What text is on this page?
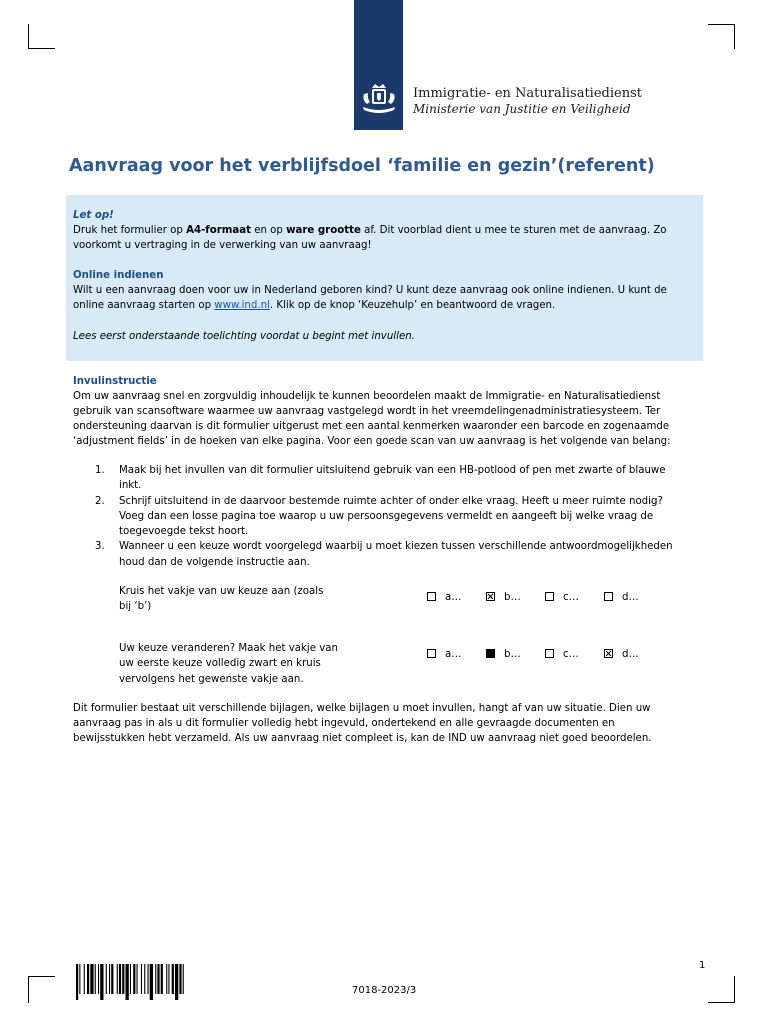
Immigratie- en Naturalisatiedienst
Ministerie van Justitie en Veiligheid
Aanvraag voor het verblijfsdoel ‘familie en gezin’(referent)
Let op!
Druk het formulier op A4-formaat en op ware grootte af. Dit voorblad dient u mee te sturen met de aanvraag. Zo
voorkomt u vertraging in de verwerking van uw aanvraag!
Online indienen
Wilt u een aanvraag doen voor uw in Nederland geboren kind? U kunt deze aanvraag ook online indienen. U kunt de
online aanvraag starten op www.ind.nl. Klik op de knop ‘Keuzehulp’ en beantwoord de vragen.
Lees eerst onderstaande toelichting voordat u begint met invullen.
Invulinstructie
Om uw aanvraag snel en zorgvuldig inhoudelijk te kunnen beoordelen maakt de Immigratie- en Naturalisatiedienst
gebruik van scansoftware waarmee uw aanvraag vastgelegd wordt in het vreemdelingenadministratiesysteem. Ter
ondersteuning daarvan is dit formulier uitgerust met een aantal kenmerken waaronder een barcode en zogenaamde
‘adjustment fields’ in de hoeken van elke pagina. Voor een goede scan van uw aanvraag is het volgende van belang:
1. Maak bij het invullen van dit formulier uitsluitend gebruik van een HB-potlood of pen met zwarte of blauwe
inkt.
2. Schrijf uitsluitend in de daarvoor bestemde ruimte achter of onder elke vraag. Heeft u meer ruimte nodig?
Voeg dan een losse pagina toe waarop u uw persoonsgegevens vermeldt en aangeeft bij welke vraag de
toegevoegde tekst hoort.
3. Wanneer u een keuze wordt voorgelegd waarbij u moet kiezen tussen verschillende antwoordmogelijkheden
houd dan de volgende instructie aan.
Kruis het vakje van uw keuze aan (zoals
bij ‘b’)
a…	b…	c…	d…
Uw keuze veranderen? Maak het vakje van
uw eerste keuze volledig zwart en kruis
vervolgens het gewenste vakje aan.
a…	b…	c…	d…
Dit formulier bestaat uit verschillende bijlagen, welke bijlagen u moet invullen, hangt af van uw situatie. Dien uw
aanvraag pas in als u dit formulier volledig hebt ingevuld, ondertekend en alle gevraagde documenten en
bewijsstukken hebt verzameld. Als uw aanvraag niet compleet is, kan de IND uw aanvraag niet goed beoordelen.
1
7018-2023/3
